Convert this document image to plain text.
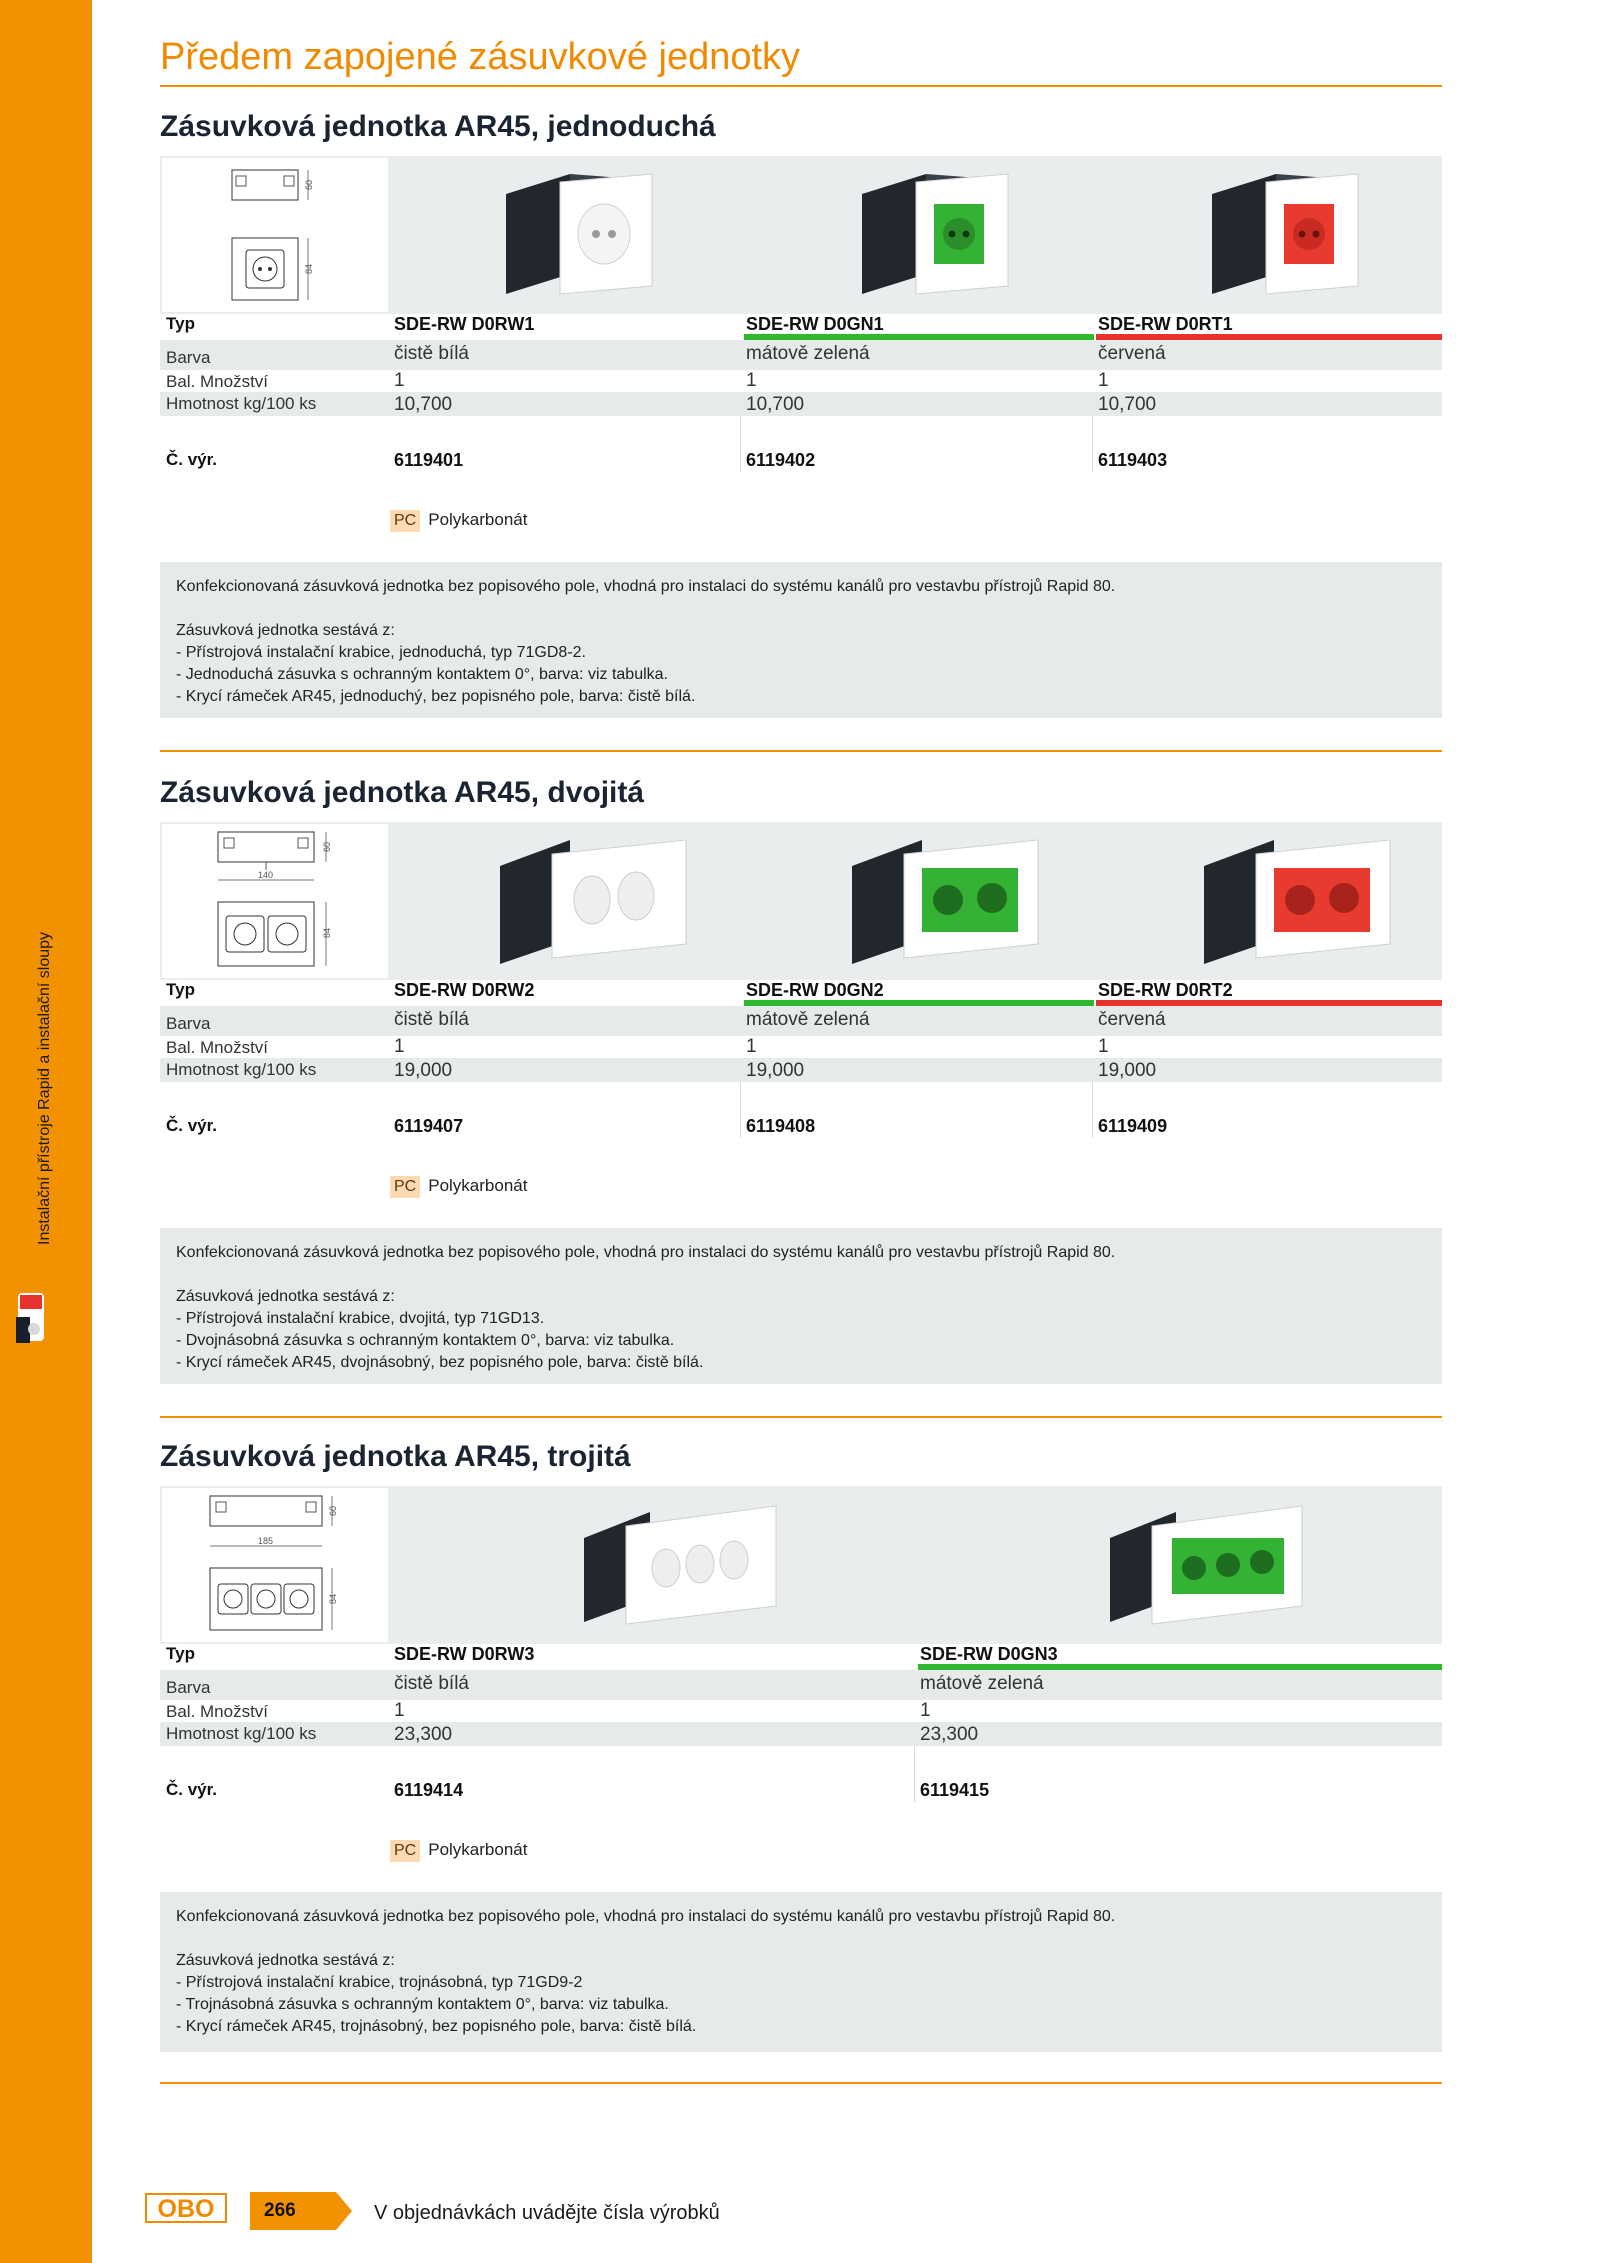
Instalační přístroje Rapid a instalační sloupy
Předem zapojené zásuvkové jednotky
Zásuvková jednotka AR45, jednoduchá
60
84
Typ	SDE-RW D0RW1	SDE-RW D0GN1	SDE-RW D0RT1
Barva	čistě bílá	mátově zelená	červená
Bal. Množství	1	1	1
Hmotnost kg/100 ks	10,700	10,700	10,700
Č. výr.	6119401	6119402	6119403
PC Polykarbonát

Konfekcionovaná zásuvková jednotka bez popisového pole, vhodná pro instalaci do systému kanálů pro vestavbu přístrojů Rapid 80.

Zásuvková jednotka sestává z:

- Přístrojová instalační krabice, jednoduchá, typ 71GD8-2.

- Jednoduchá zásuvka s ochranným kontaktem 0°, barva: viz tabulka.

- Krycí rámeček AR45, jednoduchý, bez popisného pole, barva: čistě bílá.

Zásuvková jednotka AR45, dvojitá
140
60
84
Typ	SDE-RW D0RW2	SDE-RW D0GN2	SDE-RW D0RT2
Barva	čistě bílá	mátově zelená	červená
Bal. Množství	1	1	1
Hmotnost kg/100 ks	19,000	19,000	19,000
Č. výr.	6119407	6119408	6119409
PC Polykarbonát

Konfekcionovaná zásuvková jednotka bez popisového pole, vhodná pro instalaci do systému kanálů pro vestavbu přístrojů Rapid 80.

Zásuvková jednotka sestává z:

- Přístrojová instalační krabice, dvojitá, typ 71GD13.

- Dvojnásobná zásuvka s ochranným kontaktem 0°, barva: viz tabulka.

- Krycí rámeček AR45, dvojnásobný, bez popisného pole, barva: čistě bílá.

Zásuvková jednotka AR45, trojitá
185
60
84
Typ	SDE-RW D0RW3	SDE-RW D0GN3
Barva	čistě bílá	mátově zelená
Bal. Množství	1	1
Hmotnost kg/100 ks	23,300	23,300
Č. výr.	6119414	6119415
PC Polykarbonát

Konfekcionovaná zásuvková jednotka bez popisového pole, vhodná pro instalaci do systému kanálů pro vestavbu přístrojů Rapid 80.

Zásuvková jednotka sestává z:

- Přístrojová instalační krabice, trojnásobná, typ 71GD9-2

- Trojnásobná zásuvka s ochranným kontaktem 0°, barva: viz tabulka.

- Krycí rámeček AR45, trojnásobný, bez popisného pole, barva: čistě bílá.

OBO	266	V objednávkách uvádějte čísla výrobků
